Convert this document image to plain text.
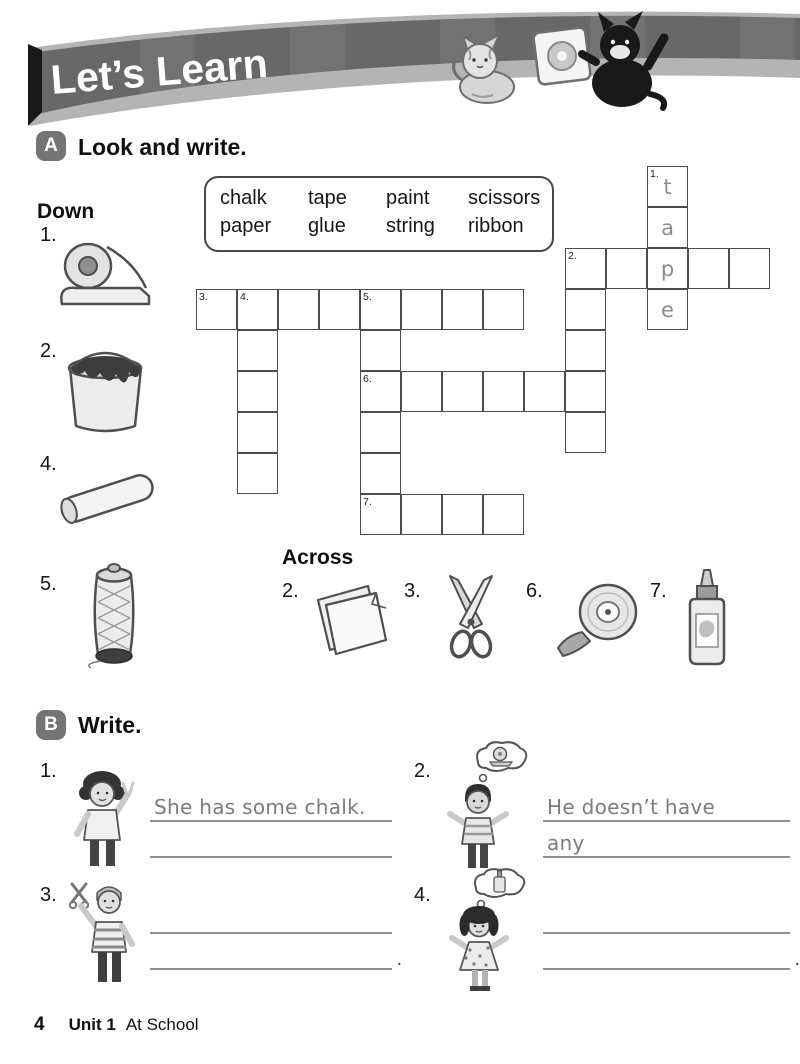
Let’s Learn
A Look and write.
chalk	tape	paint	scissors
paper	glue	string	ribbon
Down
1.
2.
4.
5.
1.
t
a
p
e
2.
3.	4.	5.
6.
7.
Across
2.	3.	6.	7.
B Write.
1.
She has some chalk.
2.
He doesn’t have
any
3.
.
4.
.
4 Unit 1 At School
